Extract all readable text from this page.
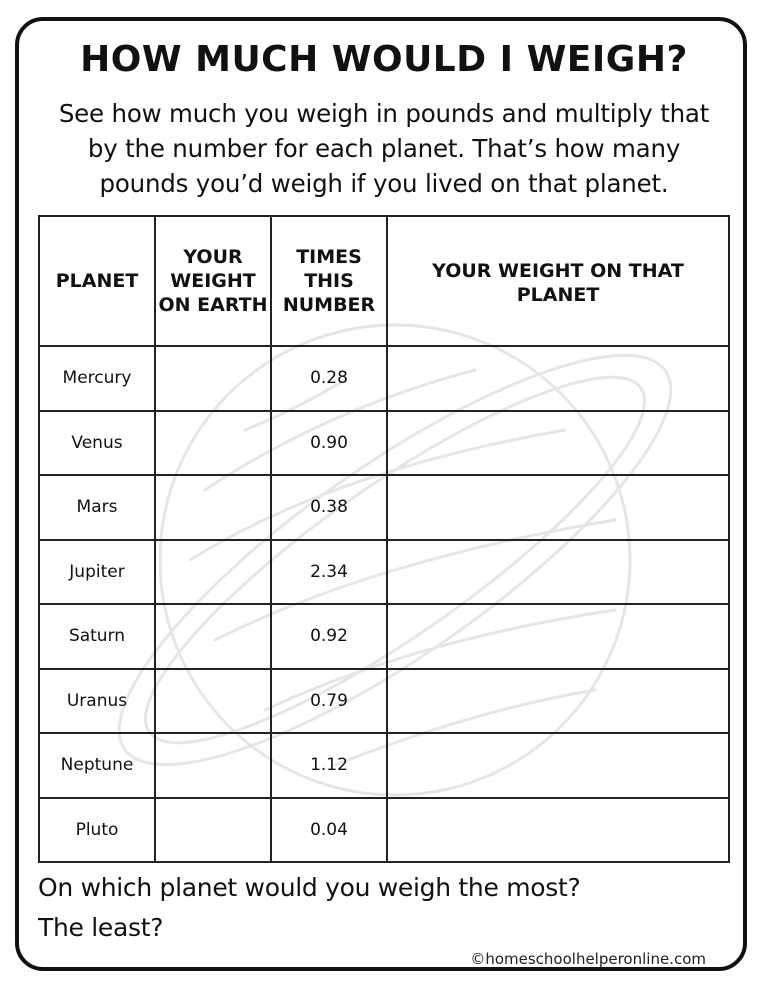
HOW MUCH WOULD I WEIGH?
See how much you weigh in pounds and multiply that
by the number for each planet. That’s how many
pounds you’d weigh if you lived on that planet.
PLANET	YOUR WEIGHT ON EARTH	TIMES THIS NUMBER	YOUR WEIGHT ON THAT PLANET
Mercury		0.28	
Venus		0.90	
Mars		0.38	
Jupiter		2.34	
Saturn		0.92	
Uranus		0.79	
Neptune		1.12	
Pluto		0.04	
On which planet would you weigh the most?
The least?
©homeschoolhelperonline.com
